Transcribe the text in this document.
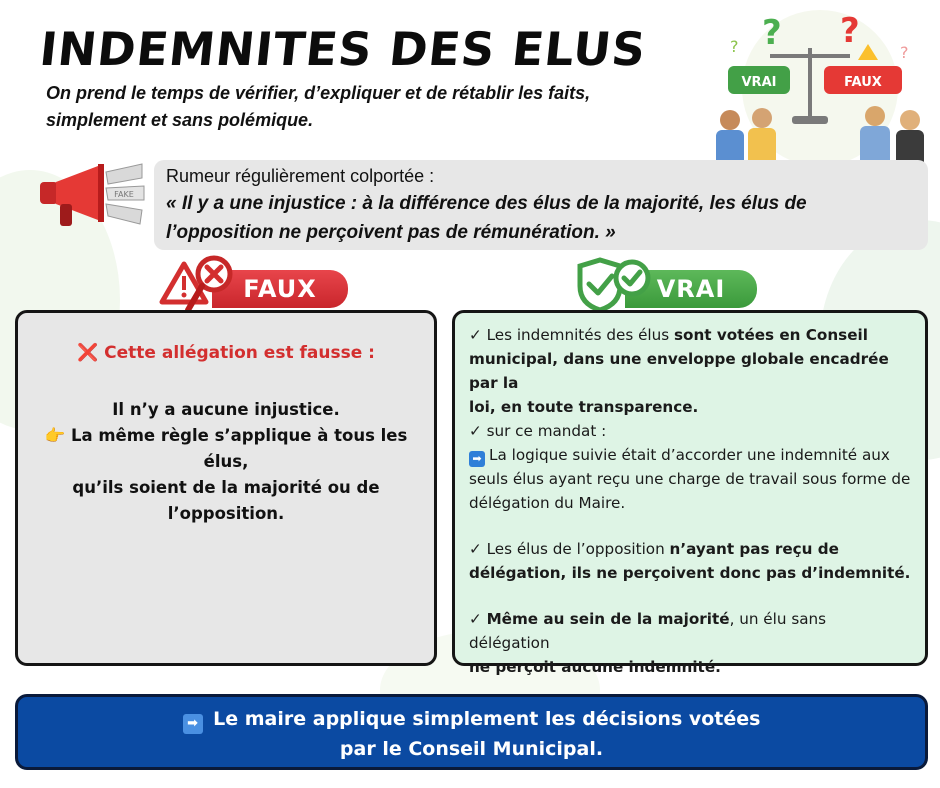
INDEMNITES DES ELUS
On prend le temps de vérifier, d’expliquer et de rétablir les faits,
simplement et sans polémique.
? ?
?	?
VRAI	FAUX
FAKE
Rumeur régulièrement colportée :
« Il y a une injustice : à la différence des élus de la majorité, les élus de
l’opposition ne perçoivent pas de rémunération. »
FAUX	VRAI
❌ Cette allégation est fausse :
Il n’y a aucune injustice.
👉 La même règle s’applique à tous les
élus,
qu’ils soient de la majorité ou de
l’opposition.

✓ Les indemnités des élus sont votées en Conseil
municipal, dans une enveloppe globale encadrée par la
loi, en toute transparence.

✓ sur ce mandat :

➡ La logique suivie était d’accorder une indemnité aux
seuls élus ayant reçu une charge de travail sous forme de
délégation du Maire.

✓ Les élus de l’opposition n’ayant pas reçu de
délégation, ils ne perçoivent donc pas d’indemnité.

✓ Même au sein de la majorité, un élu sans délégation
ne perçoit aucune indemnité.

➡ Le maire applique simplement les décisions votées
par le Conseil Municipal.
